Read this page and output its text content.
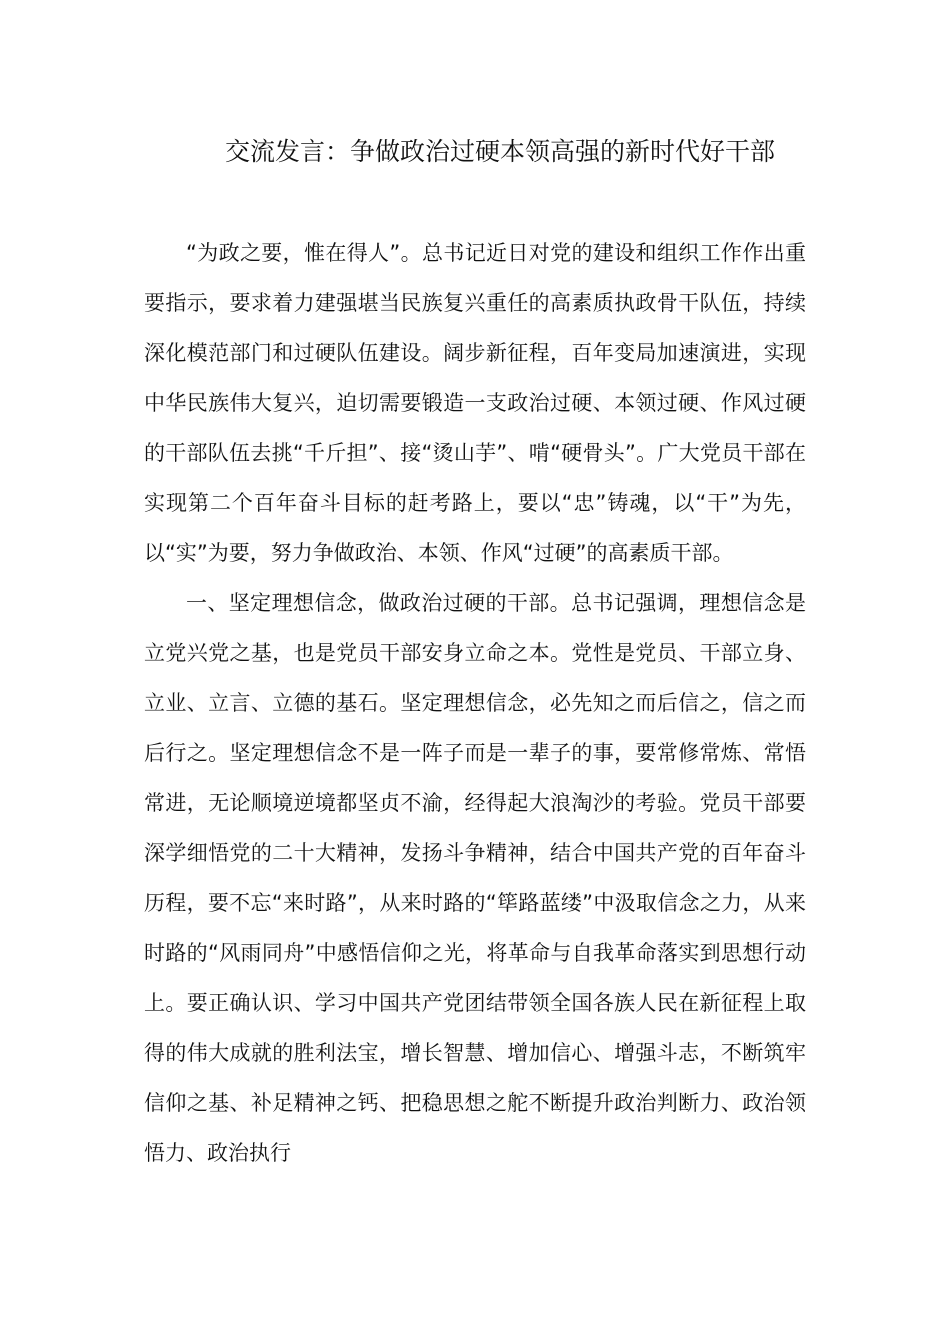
交流发言：争做政治过硬本领高强的新时代好干部

“为政之要，惟在得人”。总书记近日对党的建设和组织工作作出重要指示，要求着力建强堪当民族复兴重任的高素质执政骨干队伍，持续深化模范部门和过硬队伍建设。阔步新征程，百年变局加速演进，实现中华民族伟大复兴，迫切需要锻造一支政治过硬、本领过硬、作风过硬的干部队伍去挑“千斤担”、接“烫山芋”、啃“硬骨头”。广大党员干部在实现第二个百年奋斗目标的赶考路上，要以“忠”铸魂，以“干”为先，以“实”为要，努力争做政治、本领、作风“过硬”的高素质干部。

一、坚定理想信念，做政治过硬的干部。总书记强调，理想信念是立党兴党之基，也是党员干部安身立命之本。党性是党员、干部立身、立业、立言、立德的基石。坚定理想信念，必先知之而后信之，信之而后行之。坚定理想信念不是一阵子而是一辈子的事，要常修常炼、常悟常进，无论顺境逆境都坚贞不渝，经得起大浪淘沙的考验。党员干部要深学细悟党的二十大精神，发扬斗争精神，结合中国共产党的百年奋斗历程，要不忘“来时路”，从来时路的“筚路蓝缕”中汲取信念之力，从来时路的“风雨同舟”中感悟信仰之光，将革命与自我革命落实到思想行动上。要正确认识、学习中国共产党团结带领全国各族人民在新征程上取得的伟大成就的胜利法宝，增长智慧、增加信心、增强斗志，不断筑牢信仰之基、补足精神之钙、把稳思想之舵不断提升政治判断力、政治领悟力、政治执行
